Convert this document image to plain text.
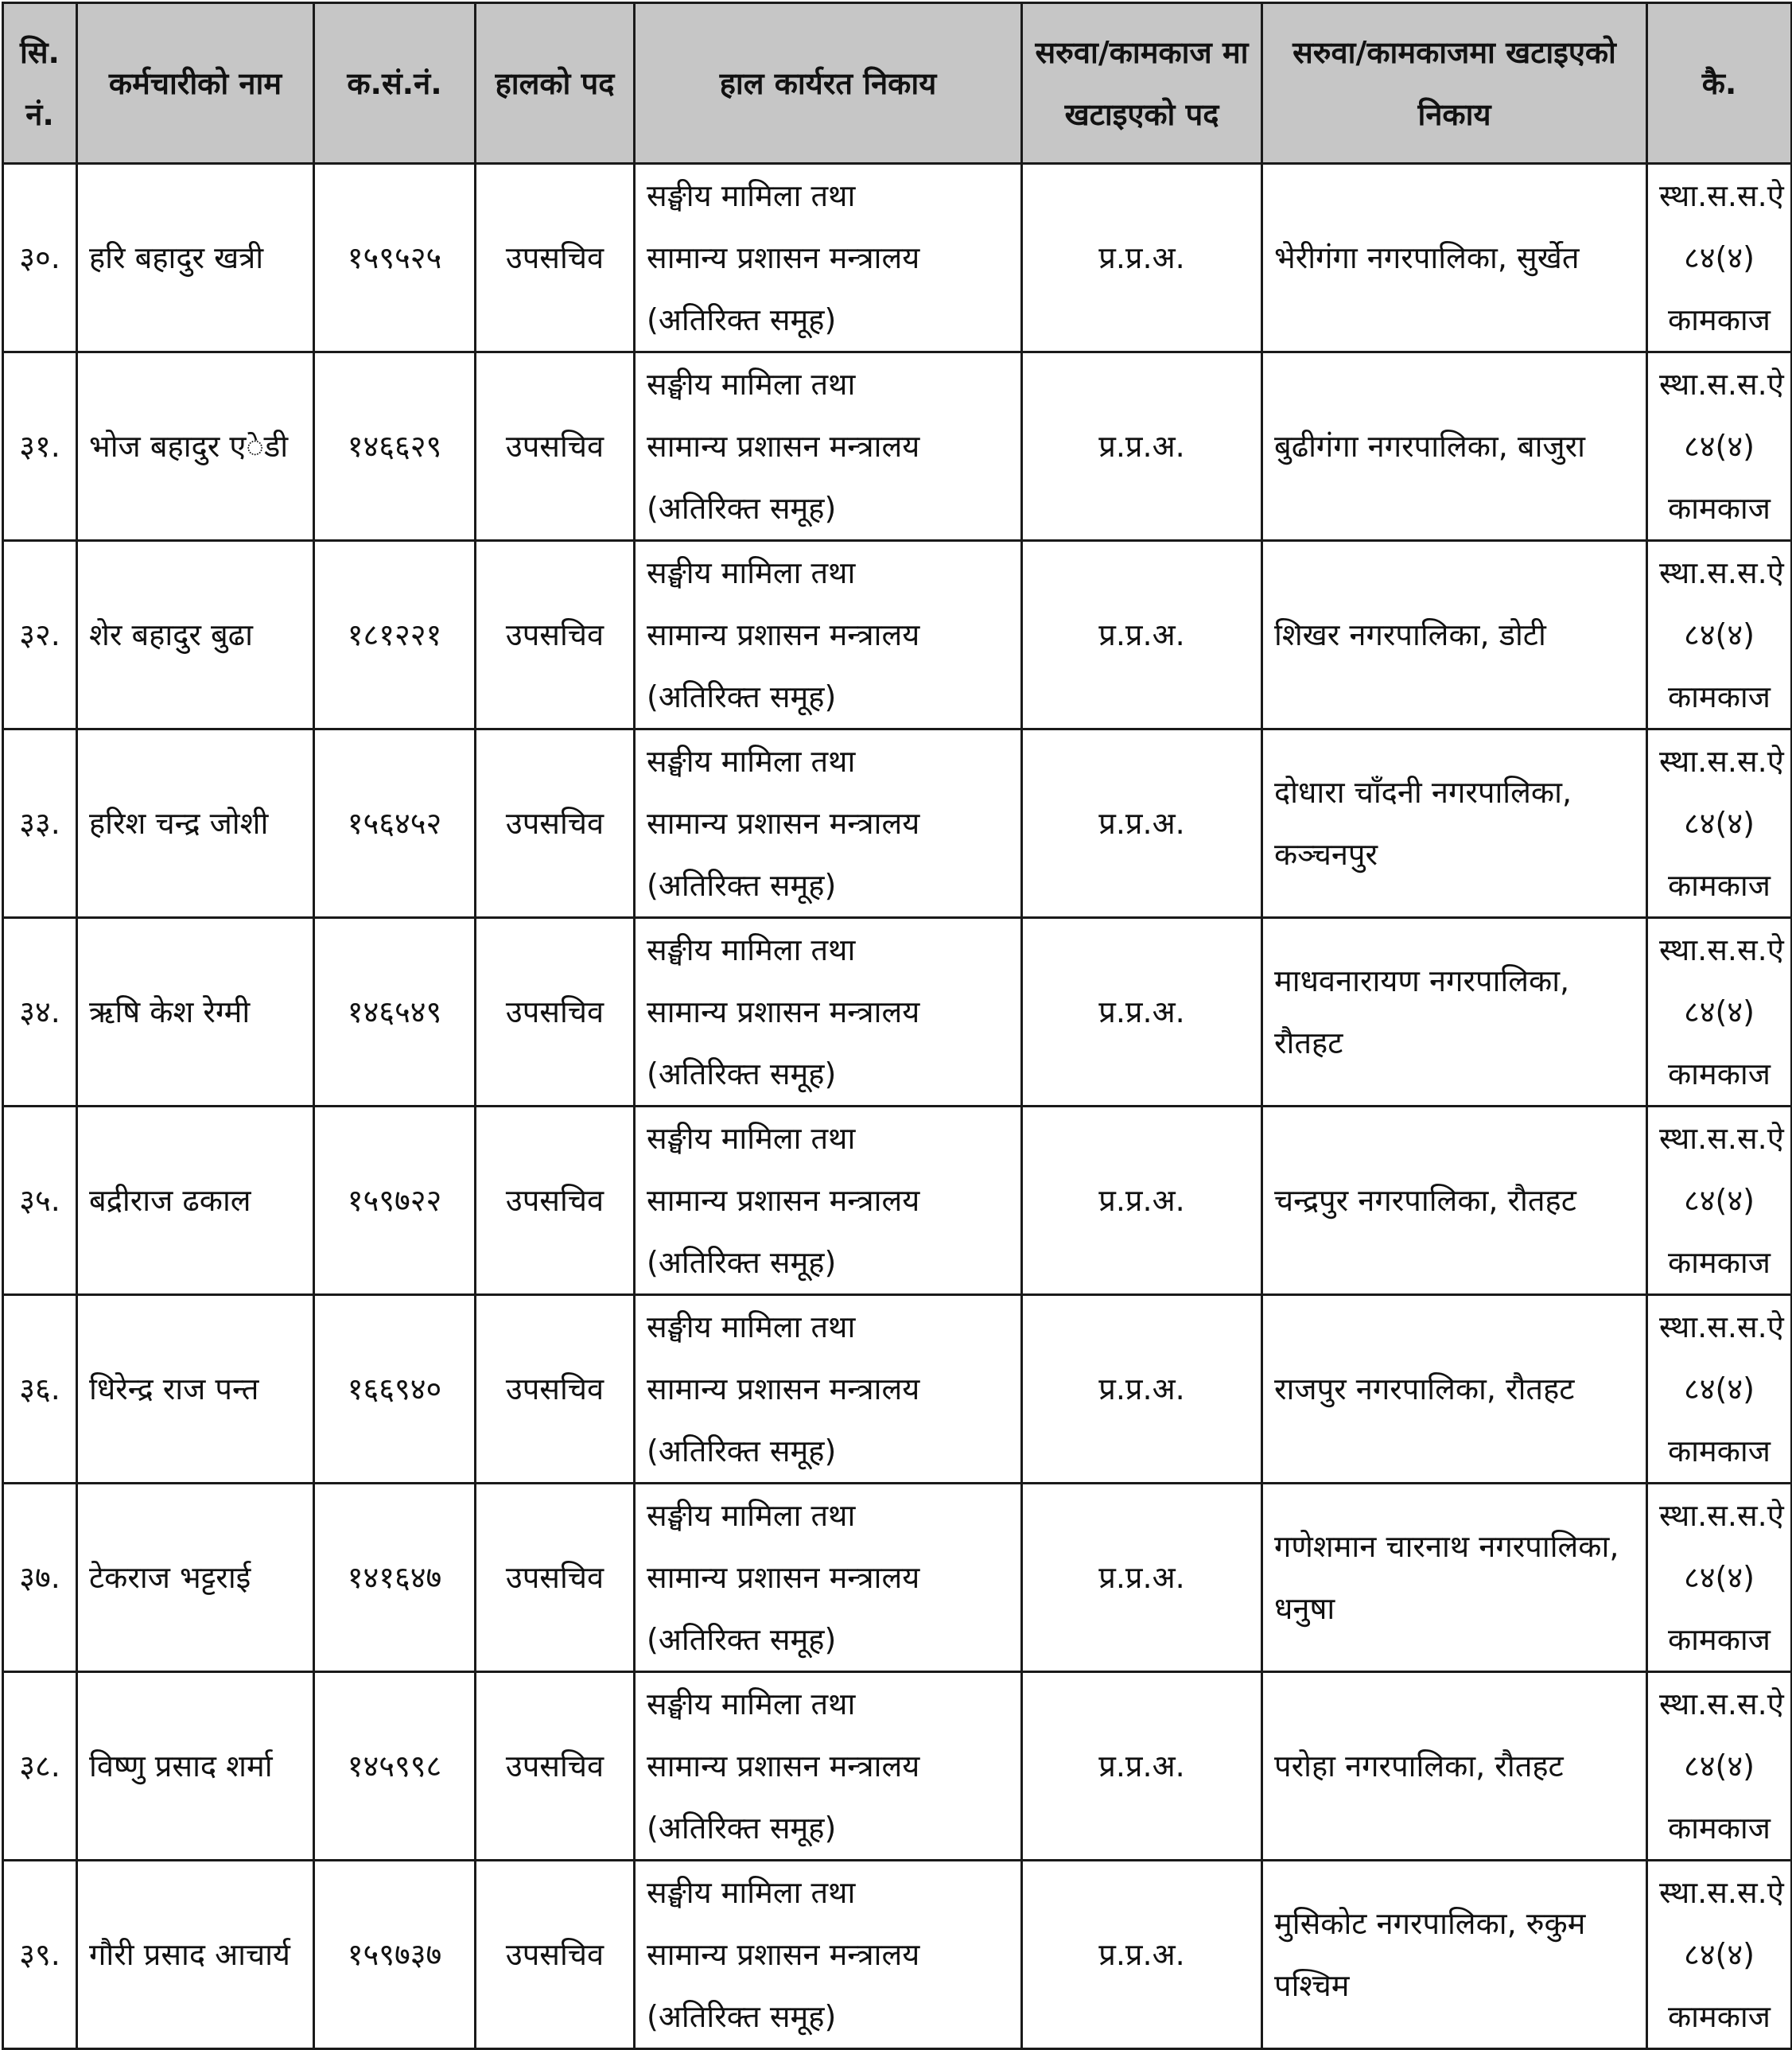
सि. नं.	कर्मचारीको नाम	क.सं.नं.	हालको पद	हाल कार्यरत निकाय	सरुवा/कामकाज मा खटाइएको पद	सरुवा/कामकाजमा खटाइएको निकाय	कै.
३०.	हरि बहादुर खत्री	१५९५२५	उपसचिव	सङ्घीय मामिला तथा
सामान्य प्रशासन मन्त्रालय
(अतिरिक्त समूह)	प्र.प्र.अ.	भेरीगंगा नगरपालिका, सुर्खेत	स्था.स.स.ऐ
८४(४)
कामकाज

३१.	भोज बहादुर एेडी	१४६६२९	उपसचिव	सङ्घीय मामिला तथा
सामान्य प्रशासन मन्त्रालय
(अतिरिक्त समूह)	प्र.प्र.अ.	बुढीगंगा नगरपालिका, बाजुरा	स्था.स.स.ऐ
८४(४)
कामकाज

३२.	शेर बहादुर बुढा	१८१२२१	उपसचिव	सङ्घीय मामिला तथा
सामान्य प्रशासन मन्त्रालय
(अतिरिक्त समूह)	प्र.प्र.अ.	शिखर नगरपालिका, डोटी	स्था.स.स.ऐ
८४(४)
कामकाज

३३.	हरिश चन्द्र जोशी	१५६४५२	उपसचिव	सङ्घीय मामिला तथा
सामान्य प्रशासन मन्त्रालय
(अतिरिक्त समूह)	प्र.प्र.अ.	दोधारा चाँदनी नगरपालिका, कञ्चनपुर	स्था.स.स.ऐ
८४(४)
कामकाज

३४.	ऋषि केश रेग्मी	१४६५४९	उपसचिव	सङ्घीय मामिला तथा
सामान्य प्रशासन मन्त्रालय
(अतिरिक्त समूह)	प्र.प्र.अ.	माधवनारायण नगरपालिका, रौतहट	स्था.स.स.ऐ
८४(४)
कामकाज

३५.	बद्रीराज ढकाल	१५९७२२	उपसचिव	सङ्घीय मामिला तथा
सामान्य प्रशासन मन्त्रालय
(अतिरिक्त समूह)	प्र.प्र.अ.	चन्द्रपुर नगरपालिका, रौतहट	स्था.स.स.ऐ
८४(४)
कामकाज

३६.	धिरेन्द्र राज पन्त	१६६९४०	उपसचिव	सङ्घीय मामिला तथा
सामान्य प्रशासन मन्त्रालय
(अतिरिक्त समूह)	प्र.प्र.अ.	राजपुर नगरपालिका, रौतहट	स्था.स.स.ऐ
८४(४)
कामकाज

३७.	टेकराज भट्टराई	१४१६४७	उपसचिव	सङ्घीय मामिला तथा
सामान्य प्रशासन मन्त्रालय
(अतिरिक्त समूह)	प्र.प्र.अ.	गणेशमान चारनाथ नगरपालिका, धनुषा	स्था.स.स.ऐ
८४(४)
कामकाज

३८.	विष्णु प्रसाद शर्मा	१४५९९८	उपसचिव	सङ्घीय मामिला तथा
सामान्य प्रशासन मन्त्रालय
(अतिरिक्त समूह)	प्र.प्र.अ.	परोहा नगरपालिका, रौतहट	स्था.स.स.ऐ
८४(४)
कामकाज

३९.	गौरी प्रसाद आचार्य	१५९७३७	उपसचिव	सङ्घीय मामिला तथा
सामान्य प्रशासन मन्त्रालय
(अतिरिक्त समूह)	प्र.प्र.अ.	मुसिकोट नगरपालिका, रुकुम पश्चिम	स्था.स.स.ऐ
८४(४)
कामकाज
